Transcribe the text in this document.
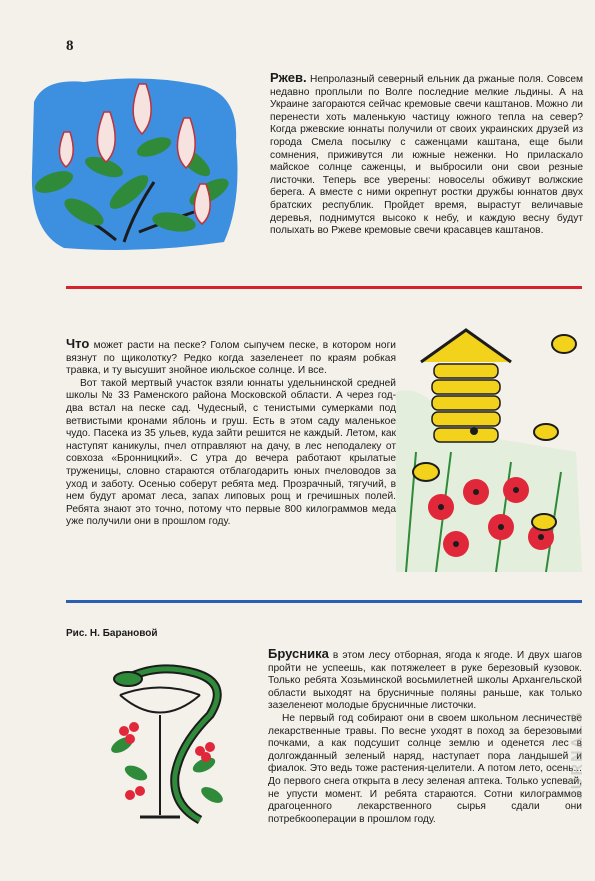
8

Ржев. Непролазный северный ельник да ржаные поля. Совсем недавно проплыли по Волге последние мелкие льдины. А на Украине загораются сейчас кремовые свечи каштанов. Можно ли перенести хоть маленькую частицу южного тепла на север? Когда ржевские юннаты получили от своих украинских друзей из города Смела посылку с саженцами каштана, еще были сомнения, приживутся ли южные неженки. Но приласкало майское солнце саженцы, и выбросили они свои резные листочки. Теперь все уверены: новоселы обживут волжские берега. А вместе с ними окрепнут ростки дружбы юннатов двух братских республик. Пройдет время, вырастут величавые деревья, поднимутся высоко к небу, и каждую весну будут полыхать во Ржеве кремовые свечи красавцев каштанов.

Что может расти на песке? Голом сыпучем песке, в котором ноги вязнут по щиколотку? Редко когда зазеленеет по краям робкая травка, и ту высушит знойное июльское солнце. И все.

Вот такой мертвый участок взяли юннаты удельнинской средней школы № 33 Раменского района Московской области. А через год-два встал на песке сад. Чудесный, с тенистыми сумерками под ветвистыми кронами яблонь и груш. Есть в этом саду маленькое чудо. Пасека из 35 ульев, куда зайти решится не каждый. Летом, как наступят каникулы, пчел отправляют на дачу, в лес неподалеку от совхоза «Бронницкий». С утра до вечера работают крылатые труженицы, словно стараются отблагодарить юных пчеловодов за уход и заботу. Осенью соберут ребята мед. Прозрачный, тягучий, в нем будут аромат леса, запах липовых рощ и гречишных полей. Ребята знают это точно, потому что первые 800 килограммов меда уже получили они в прошлом году.

Рис. Н. Барановой

Брусника в этом лесу отборная, ягода к ягоде. И двух шагов пройти не успеешь, как потяжелеет в руке березовый кузовок. Только ребята Хозьминской восьмилетней школы Архангельской области выходят на брусничные поляны раньше, как только зазеленеют молодые брусничные листочки.

Не первый год собирают они в своем школьном лесничестве лекарственные травы. По весне уходят в поход за березовыми почками, а как подсушит солнце землю и оденется лес в долгожданный зеленый наряд, наступает пора ландышей и фиалок. Это ведь тоже растения-целители. А потом лето, осень... До первого снега открыта в лесу зеленая аптека. Только успевай, не упусти момент. И ребята стараются. Сотни килограммов драгоценного лекарственного сырья сдали они потребкооперации в прошлом году.

JURNALS
